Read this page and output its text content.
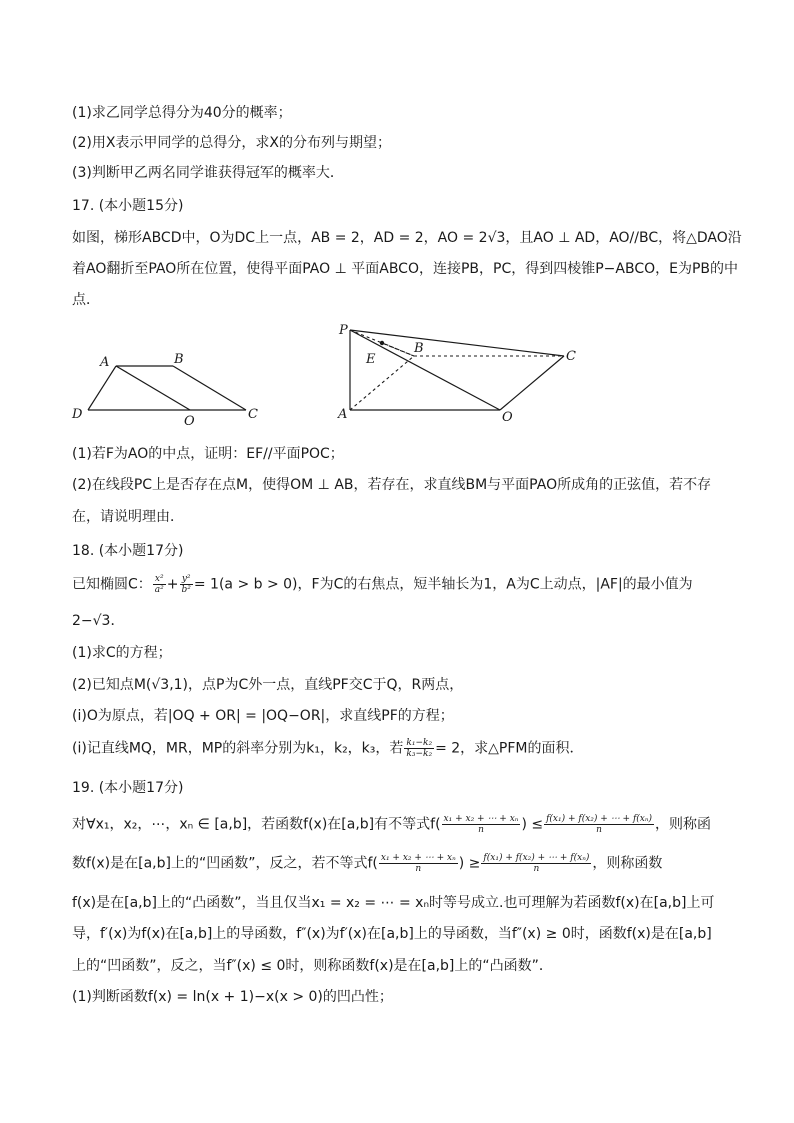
(1)求乙同学总得分为40分的概率；
(2)用X表示甲同学的总得分，求X的分布列与期望；
(3)判断甲乙两名同学谁获得冠军的概率大．
17. (本小题15分)
如图，梯形ABCD中，O为DC上一点，AB = 2，AD = 2，AO = 2√3，且AO ⊥ AD，AO//BC，将△DAO沿
着AO翻折至PAO所在位置，使得平面PAO ⊥ 平面ABCO，连接PB，PC，得到四棱锥P−ABCO，E为PB的中
点．
A	B
C
D	O
P
B
C
E
A	O
(1)若F为AO的中点，证明：EF//平面POC；
(2)在线段PC上是否存在点M，使得OM ⊥ AB，若存在，求直线BM与平面PAO所成角的正弦值，若不存
在，请说明理由．
18. (本小题17分)
已知椭圆C： $\frac{\text{x²}}{\text{a²}} + \frac{\text{y²}}{\text{b²}} = 1(a > b > 0)$，F为C的右焦点，短半轴长为1，A为C上动点，|AF|的最小值为
2−√3．
(1)求C的方程；
(2)已知点M(√3,1)，点P为C外一点，直线PF交C于Q，R两点，
(i)O为原点，若|OQ + OR| = |OQ−OR|，求直线PF的方程；
(i)记直线MQ，MR，MP的斜率分别为k₁，k₂，k₃，若 $\frac{\text{k₁−k₂}}{\text{k₃−k₂}} = 2$，求△PFM的面积．
19. (本小题17分)
对∀x₁，x₂，⋯，xₙ ∈ [a,b]，若函数f(x)在[a,b]有不等式$f( \frac{\text{x₁ + x₂ + ⋯ + xₙ}}{n}$ ) ≤ $\frac{\text{f(x₁) + f(x₂) + ⋯ + f(xₙ)}}{n}$ ，则称函
数f(x)是在[a,b]上的“凹函数”，反之，若不等式$f( \frac{\text{x₁ + x₂ + ⋯ + xₙ}}{n}$ ) ≥ $\frac{\text{f(x₁) + f(x₂) + ⋯ + f(xₙ)}}{n}$ ，则称函数
f(x)是在[a,b]上的“凸函数”，当且仅当x₁ = x₂ = ⋯ = xₙ时等号成立.也可理解为若函数f(x)在[a,b]上可
导，f′(x)为f(x)在[a,b]上的导函数，f″(x)为f′(x)在[a,b]上的导函数，当f″(x) ≥ 0时，函数f(x)是在[a,b]
上的“凹函数”，反之，当f″(x) ≤ 0时，则称函数f(x)是在[a,b]上的“凸函数”．
(1)判断函数f(x) = ln(x + 1)−x(x > 0)的凹凸性；
